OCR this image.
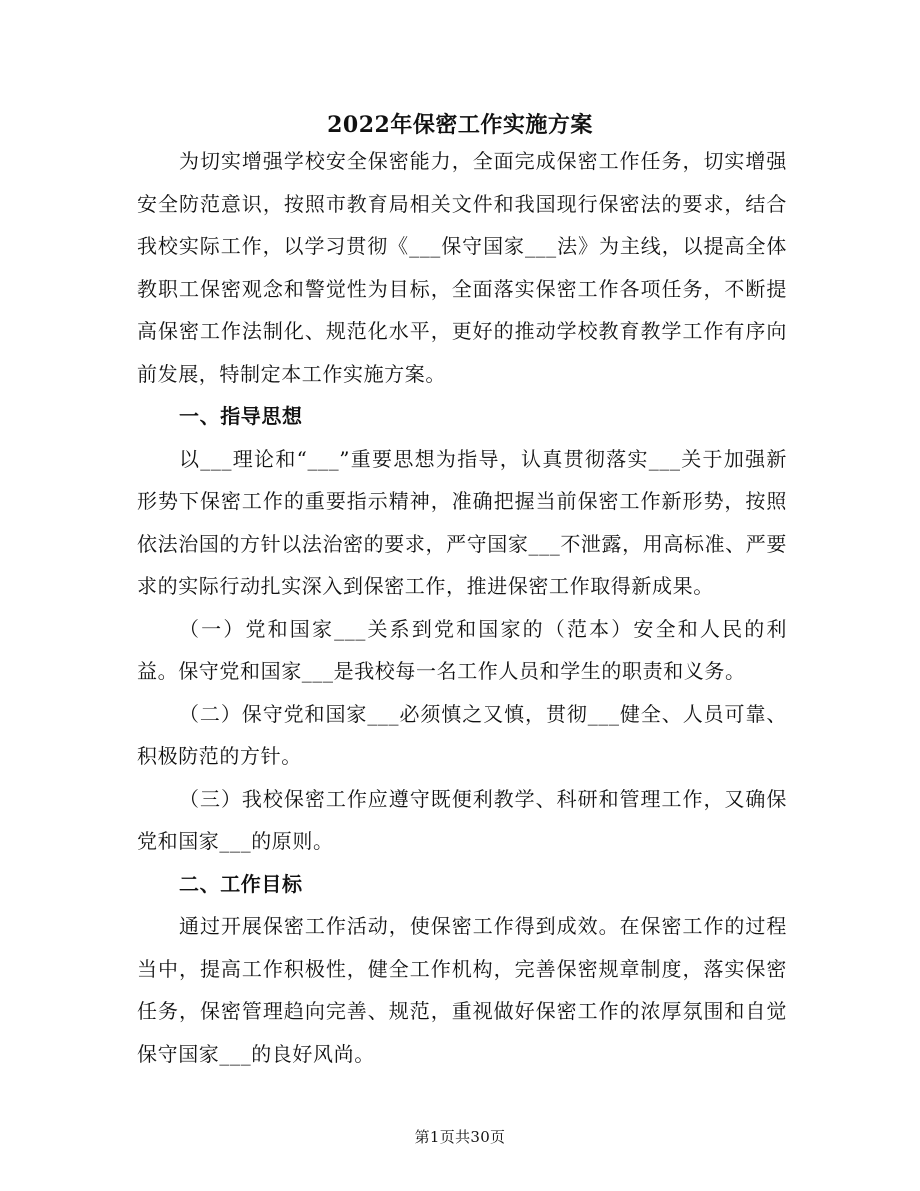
2022年保密工作实施方案

为切实增强学校安全保密能力，全面完成保密工作任务，切实增强安全防范意识，按照市教育局相关文件和我国现行保密法的要求，结合我校实际工作，以学习贯彻《___保守国家___法》为主线，以提高全体教职工保密观念和警觉性为目标，全面落实保密工作各项任务，不断提高保密工作法制化、规范化水平，更好的推动学校教育教学工作有序向前发展，特制定本工作实施方案。

一、指导思想

以___理论和“___”重要思想为指导，认真贯彻落实___关于加强新形势下保密工作的重要指示精神，准确把握当前保密工作新形势，按照依法治国的方针以法治密的要求，严守国家___不泄露，用高标准、严要求的实际行动扎实深入到保密工作，推进保密工作取得新成果。

（一）党和国家___关系到党和国家的（范本）安全和人民的利益。保守党和国家___是我校每一名工作人员和学生的职责和义务。

（二）保守党和国家___必须慎之又慎，贯彻___健全、人员可靠、积极防范的方针。

（三）我校保密工作应遵守既便利教学、科研和管理工作，又确保党和国家___的原则。

二、工作目标

通过开展保密工作活动，使保密工作得到成效。在保密工作的过程当中，提高工作积极性，健全工作机构，完善保密规章制度，落实保密任务，保密管理趋向完善、规范，重视做好保密工作的浓厚氛围和自觉保守国家___的良好风尚。

第1页共30页
